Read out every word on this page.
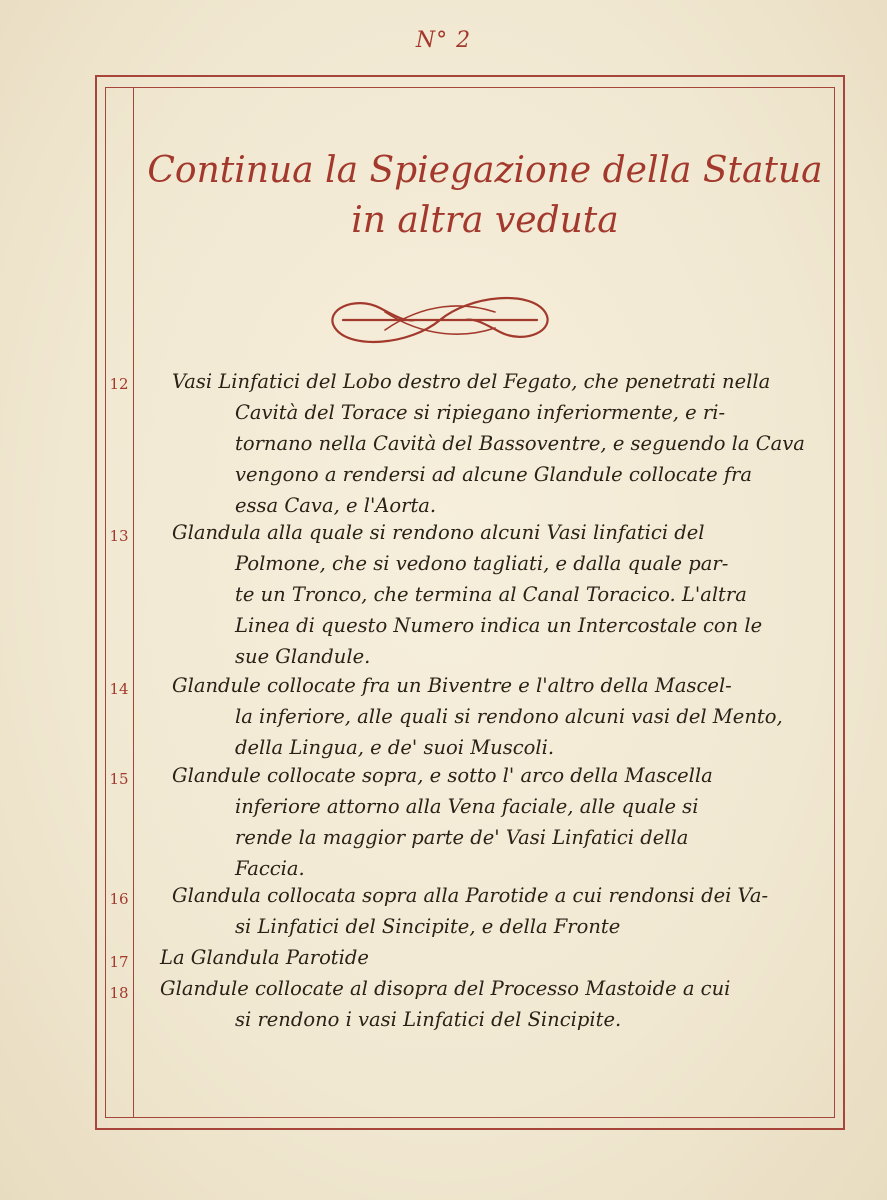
N° 2
Continua la Spiegazione della Statua
in altra veduta
12	Vasi Linfatici del Lobo destro del Fegato, che penetrati nella
Cavità del Torace si ripiegano inferiormente, e ri-
tornano nella Cavità del Bassoventre, e seguendo la Cava
vengono a rendersi ad alcune Glandule collocate fra
essa Cava, e l'Aorta.
13	Glandula alla quale si rendono alcuni Vasi linfatici del
Polmone, che si vedono tagliati, e dalla quale par-
te un Tronco, che termina al Canal Toracico. L'altra
Linea di questo Numero indica un Intercostale con le
sue Glandule.
14	Glandule collocate fra un Biventre e l'altro della Mascel-
la inferiore, alle quali si rendono alcuni vasi del Mento,
della Lingua, e de' suoi Muscoli.
15	Glandule collocate sopra, e sotto l' arco della Mascella
inferiore attorno alla Vena faciale, alle quale si
rende la maggior parte de' Vasi Linfatici della
Faccia.
16	Glandula collocata sopra alla Parotide a cui rendonsi dei Va-
si Linfatici del Sincipite, e della Fronte
17	La Glandula Parotide
18	Glandule collocate al disopra del Processo Mastoide a cui
si rendono i vasi Linfatici del Sincipite.
